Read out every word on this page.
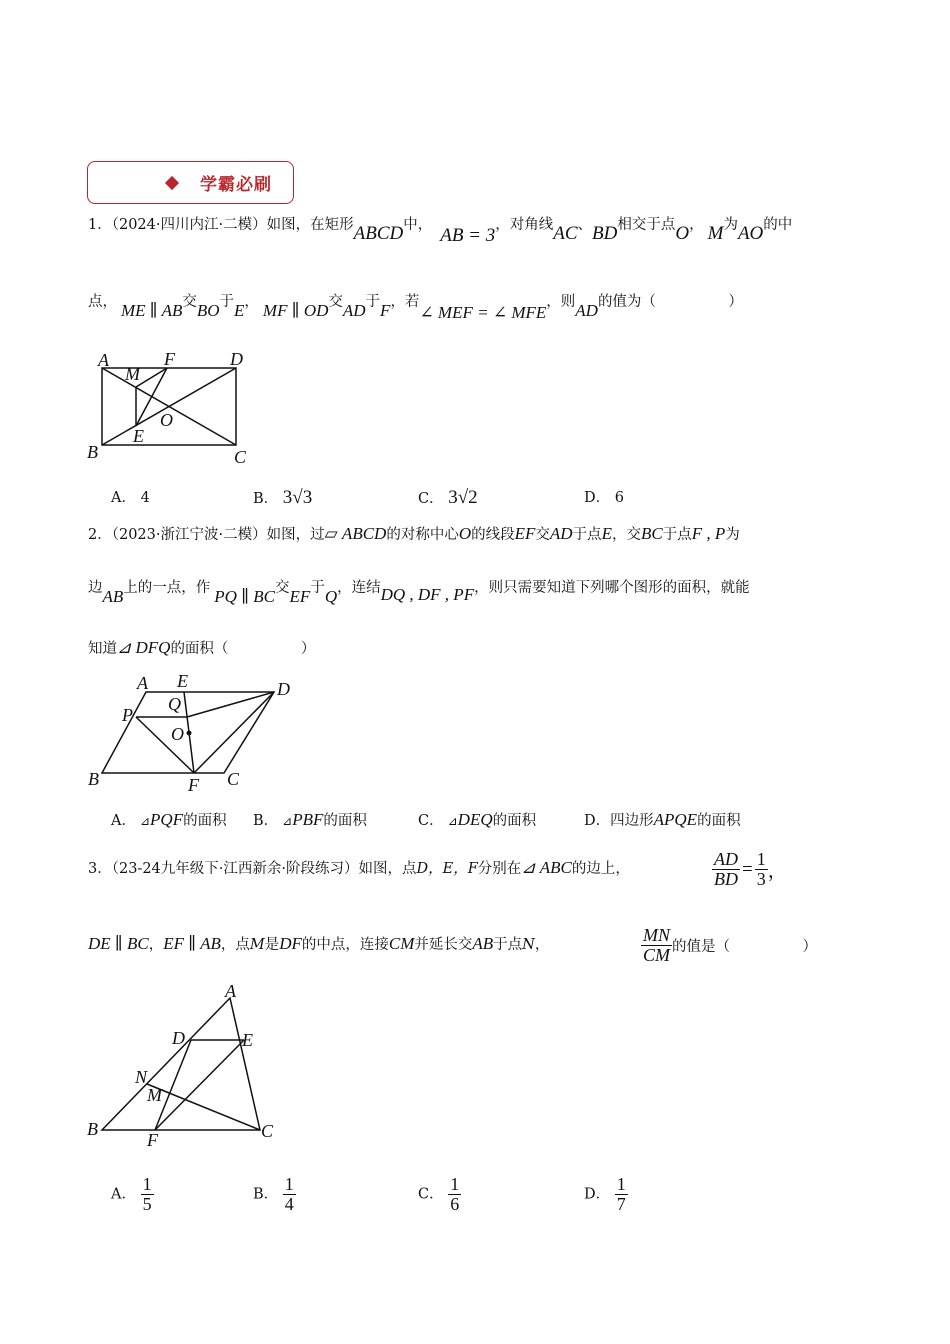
学霸必刷
1．（2024·四川内江·二模）如图，在矩形ABCD中， AB = 3，对角线AC、BD相交于点O， M为AO的中
点， ME ∥ AB交BO于E， MF ∥ OD交AD于F，若∠ MEF = ∠ MFE，则AD的值为（　　　　　）
A	F	D
M
O
E
B	C
A． 4	B． 3√3	C． 3√2	D． 6
2．（2023·浙江宁波·二模）如图，过▱ ABCD的对称中心O的线段EF交AD于点E，交BC于点F , P为
边AB上的一点，作 PQ ∥ BC交EF于Q，连结DQ , DF , PF，则只需要知道下列哪个图形的面积，就能
知道⊿ DFQ的面积（　　　　　）
A E	D
Q
P
O
B	F C
A． ⊿PQF的面积 B． ⊿PBF的面积	C． ⊿DEQ的面积	D．四边形APQE的面积
3．（23-24九年级下·江西新余·阶段练习）如图，点D，E，F分别在⊿ ABC的边上，	$\frac{AD}{BD} = \frac{1}{3}$ ，
DE ∥ BC，EF ∥ AB，点M是DF的中点，连接CM并延长交AB于点N，	$\frac{MN}{CM}$ 的值是（　　　　　）
A
D	E
N
M
B
F	C
A． $\frac{1}{5}$	B． $\frac{1}{4}$	C． $\frac{1}{6}$	D． $\frac{1}{7}$
